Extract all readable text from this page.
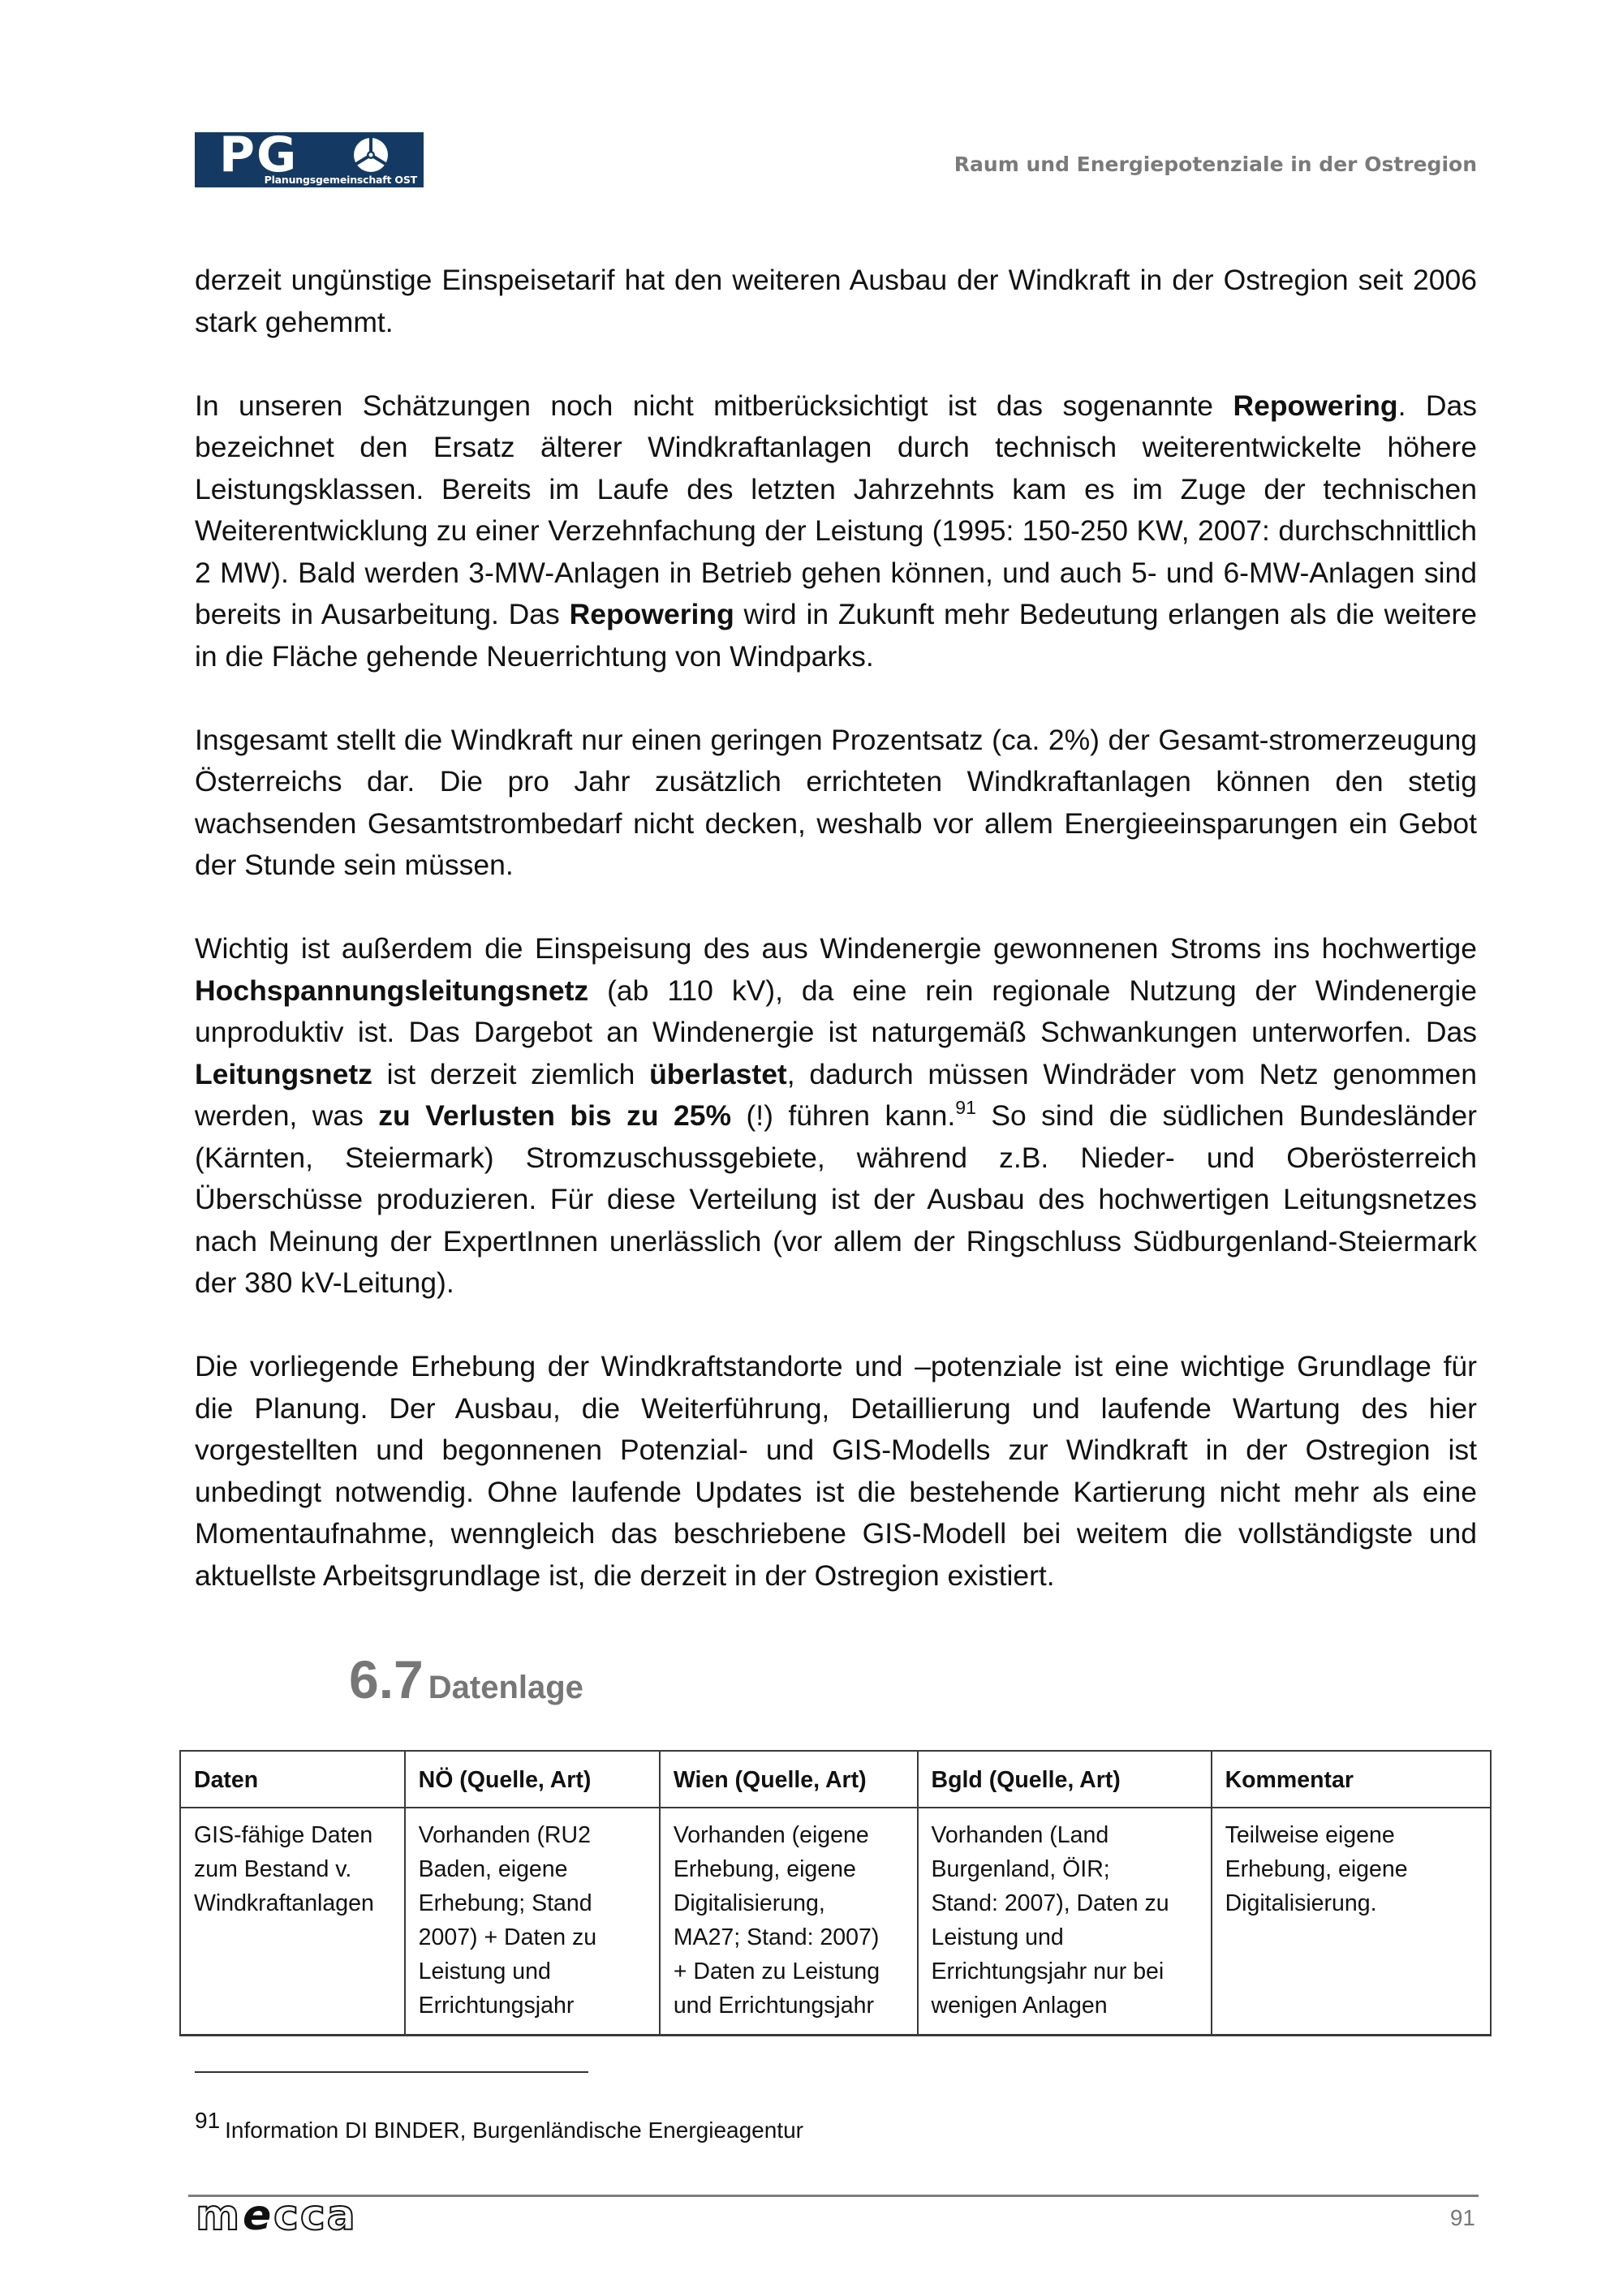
PG
Planungsgemeinschaft OST
Raum und Energiepotenziale in der Ostregion

derzeit ungünstige Einspeisetarif hat den weiteren Ausbau der Windkraft in der Ostregion seit 2006 stark gehemmt.

In unseren Schätzungen noch nicht mitberücksichtigt ist das sogenannte Repowering. Das bezeichnet den Ersatz älterer Windkraftanlagen durch technisch weiterentwickelte höhere Leistungsklassen. Bereits im Laufe des letzten Jahrzehnts kam es im Zuge der technischen Weiterentwicklung zu einer Verzehnfachung der Leistung (1995: 150-250 KW, 2007: durchschnittlich 2 MW). Bald werden 3-MW-Anlagen in Betrieb gehen können, und auch 5- und 6-MW-Anlagen sind bereits in Ausarbeitung. Das Repowering wird in Zukunft mehr Bedeutung erlangen als die weitere in die Fläche gehende Neuerrichtung von Windparks.

Insgesamt stellt die Windkraft nur einen geringen Prozentsatz (ca. 2%) der Gesamt-stromerzeugung Österreichs dar. Die pro Jahr zusätzlich errichteten Windkraftanlagen können den stetig wachsenden Gesamtstrombedarf nicht decken, weshalb vor allem Energieeinsparungen ein Gebot der Stunde sein müssen.

Wichtig ist außerdem die Einspeisung des aus Windenergie gewonnenen Stroms ins hochwertige Hochspannungsleitungsnetz (ab 110 kV), da eine rein regionale Nutzung der Windenergie unproduktiv ist. Das Dargebot an Windenergie ist naturgemäß Schwankungen unterworfen. Das Leitungsnetz ist derzeit ziemlich überlastet, dadurch müssen Windräder vom Netz genommen werden, was zu Verlusten bis zu 25% (!) führen kann.$^{91}$ So sind die südlichen Bundesländer (Kärnten, Steiermark) Stromzuschussgebiete, während z.B. Nieder- und Oberösterreich Überschüsse produzieren. Für diese Verteilung ist der Ausbau des hochwertigen Leitungsnetzes nach Meinung der ExpertInnen unerlässlich (vor allem der Ringschluss Südburgenland-Steiermark der 380 kV-Leitung).

Die vorliegende Erhebung der Windkraftstandorte und –potenziale ist eine wichtige Grundlage für die Planung. Der Ausbau, die Weiterführung, Detaillierung und laufende Wartung des hier vorgestellten und begonnenen Potenzial- und GIS-Modells zur Windkraft in der Ostregion ist unbedingt notwendig. Ohne laufende Updates ist die bestehende Kartierung nicht mehr als eine Momentaufnahme, wenngleich das beschriebene GIS-Modell bei weitem die vollständigste und aktuellste Arbeitsgrundlage ist, die derzeit in der Ostregion existiert.

6.7 Datenlage
Daten	NÖ (Quelle, Art)	Wien (Quelle, Art)	Bgld (Quelle, Art)	Kommentar

GIS-fähige Daten
zum Bestand v.
Windkraftanlagen

Vorhanden (RU2
Baden, eigene
Erhebung; Stand
2007) + Daten zu
Leistung und
Errichtungsjahr

Vorhanden (eigene
Erhebung, eigene
Digitalisierung,
MA27; Stand: 2007)
+ Daten zu Leistung
und Errichtungsjahr

Vorhanden (Land
Burgenland, ÖIR;
Stand: 2007), Daten zu
Leistung und
Errichtungsjahr nur bei
wenigen Anlagen

Teilweise eigene
Erhebung, eigene
Digitalisierung.
91 Information DI BINDER, Burgenländische Energieagentur
m e cca	91
